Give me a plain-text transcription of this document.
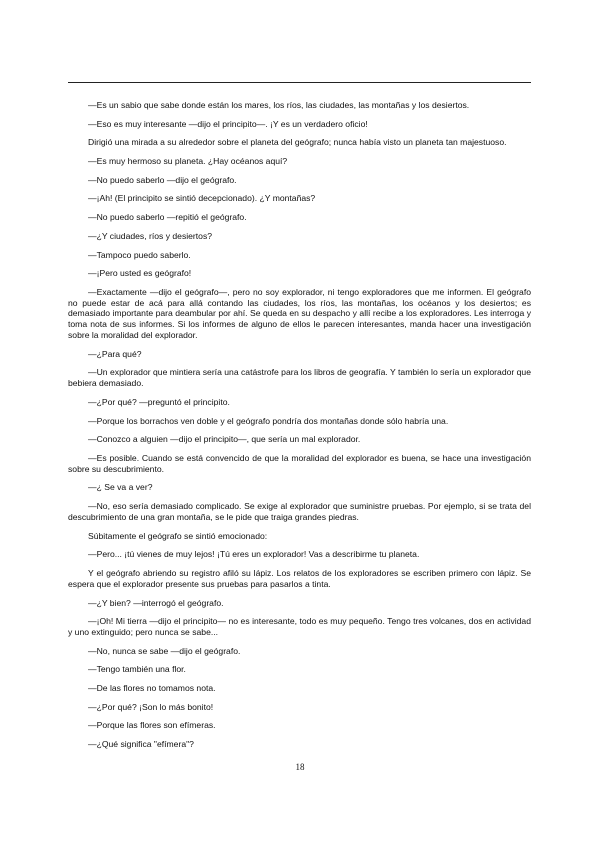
—Es un sabio que sabe donde están los mares, los ríos, las ciudades, las montañas y los desiertos.

—Eso es muy interesante —dijo el principito—. ¡Y es un verdadero oficio!

Dirigió una mirada a su alrededor sobre el planeta del geógrafo; nunca había visto un planeta tan majestuoso.

—Es muy hermoso su planeta. ¿Hay océanos aquí?

—No puedo saberlo —dijo el geógrafo.

—¡Ah! (El principito se sintió decepcionado). ¿Y montañas?

—No puedo saberlo —repitió el geógrafo.

—¿Y ciudades, ríos y desiertos?

—Tampoco puedo saberlo.

—¡Pero usted es geógrafo!

—Exactamente —dijo el geógrafo—, pero no soy explorador, ni tengo exploradores que me informen. El geógrafo no puede estar de acá para allá contando las ciudades, los ríos, las montañas, los océanos y los desiertos; es demasiado importante para deambular por ahí. Se queda en su despacho y allí recibe a los exploradores. Les interroga y toma nota de sus informes. Si los informes de alguno de ellos le parecen interesantes, manda hacer una investigación sobre la moralidad del explorador.

—¿Para qué?

—Un explorador que mintiera sería una catástrofe para los libros de geografía. Y también lo sería un explorador que bebiera demasiado.

—¿Por qué? —preguntó el principito.

—Porque los borrachos ven doble y el geógrafo pondría dos montañas donde sólo habría una.

—Conozco a alguien —dijo el principito—, que sería un mal explorador.

—Es posible. Cuando se está convencido de que la moralidad del explorador es buena, se hace una investigación sobre su descubrimiento.

—¿ Se va a ver?

—No, eso sería demasiado complicado. Se exige al explorador que suministre pruebas. Por ejemplo, si se trata del descubrimiento de una gran montaña, se le pide que traiga grandes piedras.

Súbitamente el geógrafo se sintió emocionado:

—Pero... ¡tú vienes de muy lejos! ¡Tú eres un explorador! Vas a describirme tu planeta.

Y el geógrafo abriendo su registro afiló su lápiz. Los relatos de los exploradores se escriben primero con lápiz. Se espera que el explorador presente sus pruebas para pasarlos a tinta.

—¿Y bien? —interrogó el geógrafo.

—¡Oh! Mi tierra —dijo el principito— no es interesante, todo es muy pequeño. Tengo tres volcanes, dos en actividad y uno extinguido; pero nunca se sabe...

—No, nunca se sabe —dijo el geógrafo.

—Tengo también una flor.

—De las flores no tomamos nota.

—¿Por qué? ¡Son lo más bonito!

—Porque las flores son efímeras.

—¿Qué significa "efímera"?

18
